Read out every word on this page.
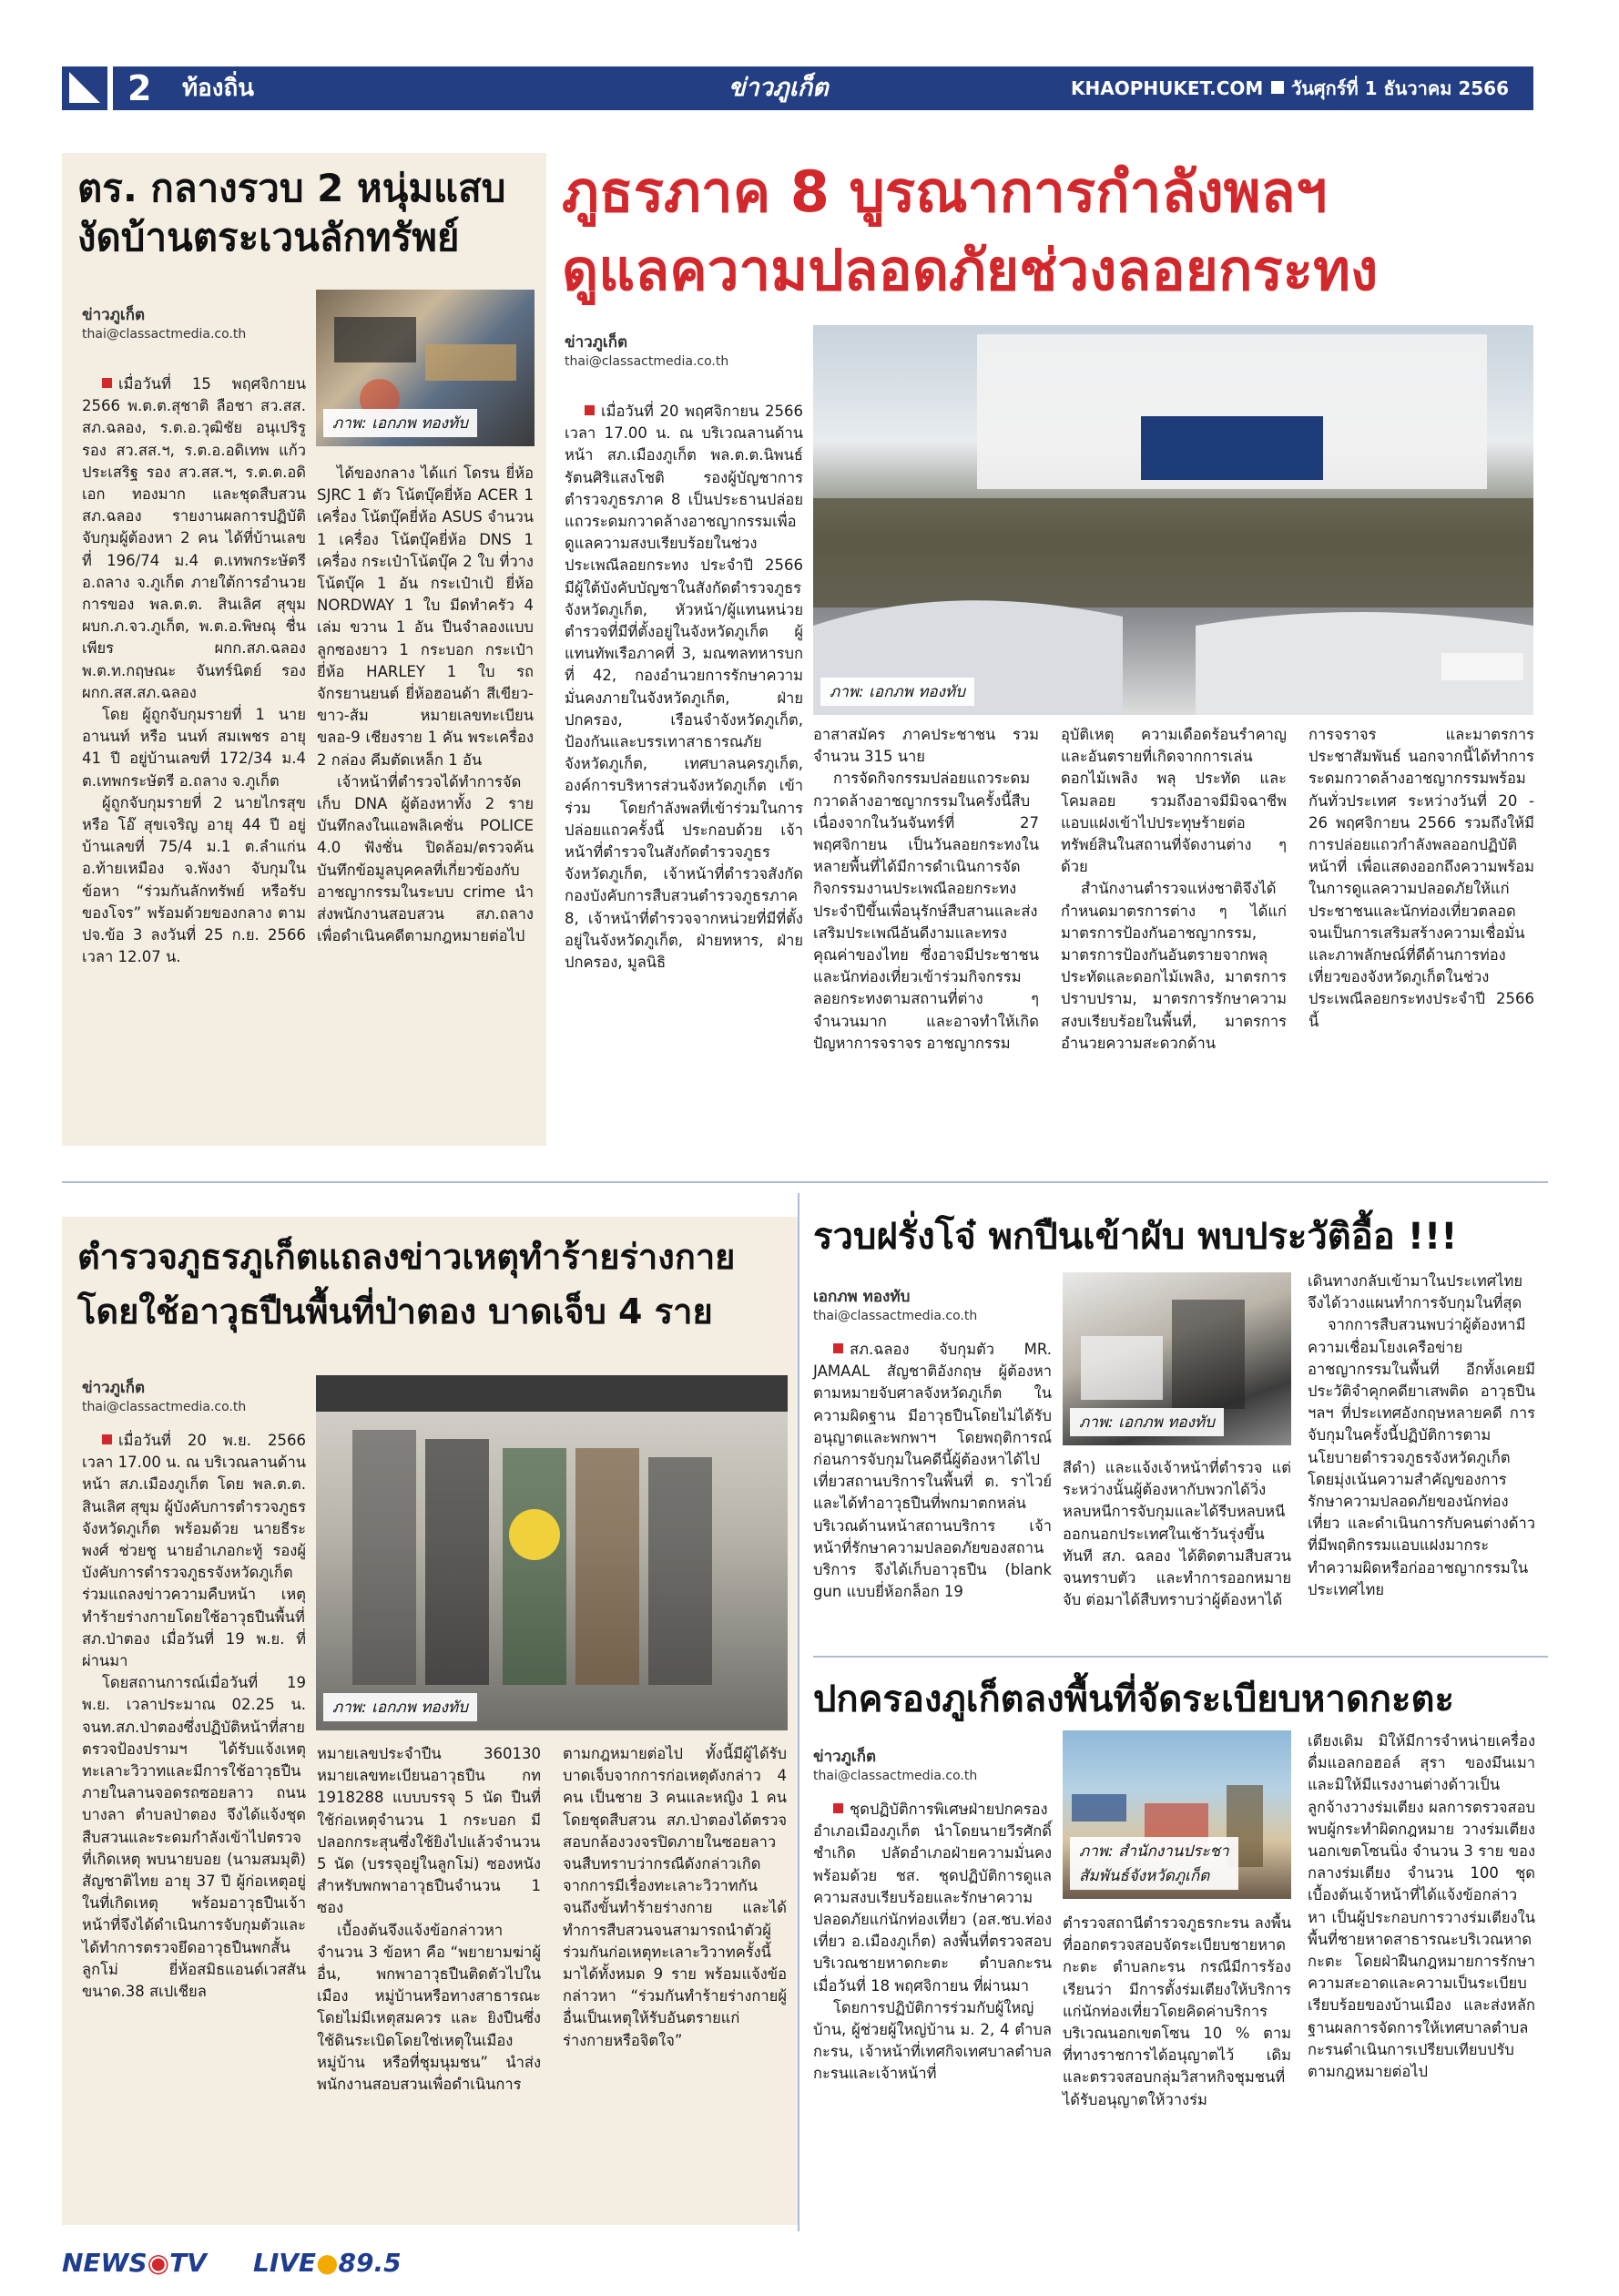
2 ท้องถิ่น	ข่าวภูเก็ต	KHAOPHUKET.COM วันศุกร์ที่ 1 ธันวาคม 2566
ตร. กลางรวบ 2 หนุ่มแสบ
งัดบ้านตระเวนลักทรัพย์
ข่าวภูเก็ต
thai@classactmedia.co.th
ภาพ: เอกภพ ทองทับ

เมื่อวันที่ 15 พฤศจิกายน 2566 พ.ต.ต.สุชาติ ลือชา สว.สส. สภ.ฉลอง, ร.ต.อ.วุฒิชัย อนุเปริรูรอง สว.สส.ฯ, ร.ต.อ.อดิเทพ แก้วประเสริฐ รอง สว.สส.ฯ, ร.ต.ต.อดิเอก ทองมาก และชุดสืบสวน สภ.ฉลอง รายงานผลการปฏิบัติ จับกุมผู้ต้องหา 2 คน ได้ที่บ้านเลขที่ 196/74 ม.4 ต.เทพกระษัตรี อ.ถลาง จ.ภูเก็ต ภายใต้การอำนวยการของ พล.ต.ต. สินเลิศ สุขุม ผบก.ภ.จว.ภูเก็ต, พ.ต.อ.พิษณุ ชื่นเพียร ผกก.สภ.ฉลอง พ.ต.ท.กฤษณะ จันทร์นิตย์ รอง ผกก.สส.สภ.ฉลอง

โดย ผู้ถูกจับกุมรายที่ 1 นายอานนท์ หรือ นนท์ สมเพชร อายุ 41 ปี อยู่บ้านเลขที่ 172/34 ม.4 ต.เทพกระษัตรี อ.ถลาง จ.ภูเก็ต

ผู้ถูกจับกุมรายที่ 2 นายไกรสุข หรือ โอ๊ สุขเจริญ อายุ 44 ปี อยู่บ้านเลขที่ 75/4 ม.1 ต.ลำแก่น อ.ท้ายเหมือง จ.พังงา จับกุมในข้อหา “ร่วมกันลักทรัพย์ หรือรับของโจร” พร้อมด้วยของกลาง ตาม ปจ.ข้อ 3 ลงวันที่ 25 ก.ย. 2566 เวลา 12.07 น.

ได้ของกลาง ได้แก่ โดรน ยี่ห้อ SJRC 1 ตัว โน้ตบุ๊คยี่ห้อ ACER 1 เครื่อง โน้ตบุ๊คยี่ห้อ ASUS จำนวน 1 เครื่อง โน้ตบุ๊คยี่ห้อ DNS 1 เครื่อง กระเป๋าโน้ตบุ๊ค 2 ใบ ที่วางโน้ตบุ๊ค 1 อัน กระเป๋าเป้ ยี่ห้อ NORDWAY 1 ใบ มีดทำครัว 4 เล่ม ขวาน 1 อัน ปืนจำลองแบบลูกซองยาว 1 กระบอก กระเป๋ายี่ห้อ HARLEY 1 ใบ รถจักรยานยนต์ ยี่ห้อฮอนด้า สีเขียว-ขาว-ส้ม หมายเลขทะเบียน ขลอ-9 เชียงราย 1 คัน พระเครื่อง 2 กล่อง คีมตัดเหล็ก 1 อัน

เจ้าหน้าที่ตำรวจได้ทำการจัดเก็บ DNA ผู้ต้องหาทั้ง 2 ราย บันทึกลงในแอพลิเคชั่น POLICE 4.0 ฟังชั่น ปิดล้อม/ตรวจค้น บันทึกข้อมูลบุคคลที่เกี่ยวข้องกับอาชญากรรมในระบบ crime นำส่งพนักงานสอบสวน สภ.ถลาง เพื่อดำเนินคดีตามกฎหมายต่อไป

ภูธรภาค 8 บูรณาการกำลังพลฯ
ดูแลความปลอดภัยช่วงลอยกระทง
ข่าวภูเก็ต
thai@classactmedia.co.th
ภาพ: เอกภพ ทองทับ

เมื่อวันที่ 20 พฤศจิกายน 2566 เวลา 17.00 น. ณ บริเวณลานด้านหน้า สภ.เมืองภูเก็ต พล.ต.ต.นิพนธ์ รัตนศิริแสงโชติ รองผู้บัญชาการตำรวจภูธรภาค 8 เป็นประธานปล่อยแถวระดมกวาดล้างอาชญากรรมเพื่อดูแลความสงบเรียบร้อยในช่วงประเพณีลอยกระทง ประจำปี 2566 มีผู้ใต้บังคับบัญชาในสังกัดตำรวจภูธรจังหวัดภูเก็ต, หัวหน้า/ผู้แทนหน่วยตำรวจที่มีที่ตั้งอยู่ในจังหวัดภูเก็ต ผู้แทนทัพเรือภาคที่ 3, มณฑลทหารบกที่ 42, กองอำนวยการรักษาความมั่นคงภายในจังหวัดภูเก็ต, ฝ่ายปกครอง, เรือนจำจังหวัดภูเก็ต, ป้องกันและบรรเทาสาธารณภัยจังหวัดภูเก็ต, เทศบาลนครภูเก็ต, องค์การบริหารส่วนจังหวัดภูเก็ต เข้าร่วม โดยกำลังพลที่เข้าร่วมในการปล่อยแถวครั้งนี้ ประกอบด้วย เจ้าหน้าที่ตำรวจในสังกัดตำรวจภูธรจังหวัดภูเก็ต, เจ้าหน้าที่ตำรวจสังกัดกองบังคับการสืบสวนตำรวจภูธรภาค 8, เจ้าหน้าที่ตำรวจจากหน่วยที่มีที่ตั้งอยู่ในจังหวัดภูเก็ต, ฝ่ายทหาร, ฝ่ายปกครอง, มูลนิธิ

อาสาสมัคร ภาคประชาชน รวมจำนวน 315 นาย

การจัดกิจกรรมปล่อยแถวระดมกวาดล้างอาชญากรรมในครั้งนี้สืบเนื่องจากในวันจันทร์ที่ 27 พฤศจิกายน เป็นวันลอยกระทงในหลายพื้นที่ได้มีการดำเนินการจัดกิจกรรมงานประเพณีลอยกระทงประจำปีขึ้นเพื่อนุรักษ์สืบสานและส่งเสริมประเพณีอันดีงามและทรงคุณค่าของไทย ซึ่งอาจมีประชาชนและนักท่องเที่ยวเข้าร่วมกิจกรรมลอยกระทงตามสถานที่ต่าง ๆ จำนวนมาก และอาจทำให้เกิดปัญหาการจราจร อาชญากรรม

อุบัติเหตุ ความเดือดร้อนรำคาญ และอันตรายที่เกิดจากการเล่นดอกไม้เพลิง พลุ ประทัด และโคมลอย รวมถึงอาจมีมิจฉาชีพแอบแฝงเข้าไปประทุษร้ายต่อทรัพย์สินในสถานที่จัดงานต่าง ๆ ด้วย

สำนักงานตำรวจแห่งชาติจึงได้กำหนดมาตรการต่าง ๆ ได้แก่ มาตรการป้องกันอาชญากรรม, มาตรการป้องกันอันตรายจากพลุ ประทัดและดอกไม้เพลิง, มาตรการปราบปราม, มาตรการรักษาความสงบเรียบร้อยในพื้นที่, มาตรการอำนวยความสะดวกด้าน

การจราจร และมาตรการประชาสัมพันธ์ นอกจากนี้ได้ทำการระดมกวาดล้างอาชญากรรมพร้อมกันทั่วประเทศ ระหว่างวันที่ 20 - 26 พฤศจิกายน 2566 รวมถึงให้มีการปล่อยแถวกำลังพลออกปฏิบัติหน้าที่ เพื่อแสดงออกถึงความพร้อมในการดูแลความปลอดภัยให้แก่ประชาชนและนักท่องเที่ยวตลอดจนเป็นการเสริมสร้างความเชื่อมั่นและภาพลักษณ์ที่ดีด้านการท่องเที่ยวของจังหวัดภูเก็ตในช่วงประเพณีลอยกระทงประจำปี 2566 นี้

ตำรวจภูธรภูเก็ตแถลงข่าวเหตุทำร้ายร่างกาย
โดยใช้อาวุธปืนพื้นที่ป่าตอง บาดเจ็บ 4 ราย
ข่าวภูเก็ต
thai@classactmedia.co.th
ภาพ: เอกภพ ทองทับ

เมื่อวันที่ 20 พ.ย. 2566 เวลา 17.00 น. ณ บริเวณลานด้านหน้า สภ.เมืองภูเก็ต โดย พล.ต.ต. สินเลิศ สุขุม ผู้บังคับการตำรวจภูธรจังหวัดภูเก็ต พร้อมด้วย นายธีระพงศ์ ช่วยชู นายอำเภอกะทู้ รองผู้บังคับการตำรวจภูธรจังหวัดภูเก็ต ร่วมแถลงข่าวความคืบหน้า เหตุทำร้ายร่างกายโดยใช้อาวุธปืนพื้นที่ สภ.ป่าตอง เมื่อวันที่ 19 พ.ย. ที่ผ่านมา

โดยสถานการณ์เมื่อวันที่ 19 พ.ย. เวลาประมาณ 02.25 น. จนท.สภ.ป่าตองซึ่งปฏิบัติหน้าที่สายตรวจป้องปรามฯ ได้รับแจ้งเหตุทะเลาะวิวาทและมีการใช้อาวุธปืนภายในลานจอดรถซอยลาว ถนนบางลา ตำบลป่าตอง จึงได้แจ้งชุดสืบสวนและระดมกำลังเข้าไปตรวจที่เกิดเหตุ พบนายบอย (นามสมมุติ) สัญชาติไทย อายุ 37 ปี ผู้ก่อเหตุอยู่ในที่เกิดเหตุ พร้อมอาวุธปืนเจ้าหน้าที่จึงได้ดำเนินการจับกุมตัวและได้ทำการตรวจยึดอาวุธปืนพกสั้นลูกโม่ ยี่ห้อสมิธแอนด์เวสสัน ขนาด.38 สเปเชียล

หมายเลขประจำปืน 360130 หมายเลขทะเบียนอาวุธปืน กท 1918288 แบบบรรจุ 5 นัด ปืนที่ใช้ก่อเหตุจำนวน 1 กระบอก มีปลอกกระสุนซึ่งใช้ยิงไปแล้วจำนวน 5 นัด (บรรจุอยู่ในลูกโม่) ซองหนังสำหรับพกพาอาวุธปืนจำนวน 1 ซอง

เบื้องต้นจึงแจ้งข้อกล่าวหาจำนวน 3 ข้อหา คือ “พยายามฆ่าผู้อื่น, พกพาอาวุธปืนติดตัวไปในเมือง หมู่บ้านหรือทางสาธารณะโดยไม่มีเหตุสมควร และ ยิงปืนซึ่งใช้ดินระเบิดโดยใช่เหตุในเมือง หมู่บ้าน หรือที่ชุมนุมชน” นำส่งพนักงานสอบสวนเพื่อดำเนินการ

ตามกฎหมายต่อไป ทั้งนี้มีผู้ได้รับบาดเจ็บจากการก่อเหตุดังกล่าว 4 คน เป็นชาย 3 คนและหญิง 1 คน โดยชุดสืบสวน สภ.ป่าตองได้ตรวจสอบกล้องวงจรปิดภายในซอยลาว จนสืบทราบว่ากรณีดังกล่าวเกิดจากการมีเรื่องทะเลาะวิวาทกันจนถึงขั้นทำร้ายร่างกาย และได้ทำการสืบสวนจนสามารถนำตัวผู้ร่วมกันก่อเหตุทะเลาะวิวาทครั้งนี้มาได้ทั้งหมด 9 ราย พร้อมแจ้งข้อกล่าวหา “ร่วมกันทำร้ายร่างกายผู้อื่นเป็นเหตุให้รับอันตรายแก่ ร่างกายหรือจิตใจ”

รวบฝรั่งโจ๋ พกปืนเข้าผับ พบประวัติอื้อ !!!
เอกภพ ทองทับ
thai@classactmedia.co.th
ภาพ: เอกภพ ทองทับ

สภ.ฉลอง จับกุมตัว MR. JAMAAL สัญชาติอังกฤษ ผู้ต้องหาตามหมายจับศาลจังหวัดภูเก็ต ในความผิดฐาน มีอาวุธปืนโดยไม่ได้รับอนุญาตและพกพาฯ โดยพฤติการณ์ก่อนการจับกุมในคดีนี้ผู้ต้องหาได้ไปเที่ยวสถานบริการในพื้นที่ ต. ราไวย์ และได้ทำอาวุธปืนที่พกมาตกหล่นบริเวณด้านหน้าสถานบริการ เจ้าหน้าที่รักษาความปลอดภัยของสถานบริการ จึงได้เก็บอาวุธปืน (blank gun แบบยี่ห้อกล็อก 19

สีดำ) และแจ้งเจ้าหน้าที่ตำรวจ แต่ระหว่างนั้นผู้ต้องหากับพวกได้วิ่งหลบหนีการจับกุมและได้รีบหลบหนีออกนอกประเทศในเช้าวันรุ่งขึ้นทันที สภ. ฉลอง ได้ติดตามสืบสวนจนทราบตัว และทำการออกหมายจับ ต่อมาได้สืบทราบว่าผู้ต้องหาได้

เดินทางกลับเข้ามาในประเทศไทย จึงได้วางแผนทำการจับกุมในที่สุด

จากการสืบสวนพบว่าผู้ต้องหามีความเชื่อมโยงเครือข่ายอาชญากรรมในพื้นที่ อีกทั้งเคยมีประวัติจำคุกคดียาเสพติด อาวุธปืน ฯลฯ ที่ประเทศอังกฤษหลายคดี การจับกุมในครั้งนี้ปฏิบัติการตามนโยบายตำรวจภูธรจังหวัดภูเก็ต โดยมุ่งเน้นความสำคัญของการรักษาความปลอดภัยของนักท่องเที่ยว และดำเนินการกับคนต่างด้าวที่มีพฤติกรรมแอบแฝงมากระทำความผิดหรือก่ออาชญากรรมในประเทศไทย

ปกครองภูเก็ตลงพื้นที่จัดระเบียบหาดกะตะ
ข่าวภูเก็ต
thai@classactmedia.co.th
ภาพ: สำนักงานประชา
สัมพันธ์จังหวัดภูเก็ต

ชุดปฏิบัติการพิเศษฝ่ายปกครองอำเภอเมืองภูเก็ต นำโดยนายวีรศักดิ์ ชำเกิด ปลัดอำเภอฝ่ายความมั่นคง พร้อมด้วย ชส. ชุดปฏิบัติการดูแลความสงบเรียบร้อยและรักษาความปลอดภัยแก่นักท่องเที่ยว (อส.ชบ.ท่องเที่ยว อ.เมืองภูเก็ต) ลงพื้นที่ตรวจสอบบริเวณชายหาดกะตะ ตำบลกะรน เมื่อวันที่ 18 พฤศจิกายน ที่ผ่านมา

โดยการปฏิบัติการร่วมกับผู้ใหญ่บ้าน, ผู้ช่วยผู้ใหญ่บ้าน ม. 2, 4 ตำบลกะรน, เจ้าหน้าที่เทศกิจเทศบาลตำบลกะรนและเจ้าหน้าที่

ตำรวจสถานีตำรวจภูธรกะรน ลงพื้นที่ออกตรวจสอบจัดระเบียบชายหาดกะตะ ตำบลกะรน กรณีมีการร้องเรียนว่า มีการตั้งร่มเตียงให้บริการแก่นักท่องเที่ยวโดยคิดค่าบริการบริเวณนอกเขตโซน 10 % ตามที่ทางราชการได้อนุญาตไว้ เดิม และตรวจสอบกลุ่มวิสาหกิจชุมชนที่ได้รับอนุญาตให้วางร่ม

เตียงเดิม มิให้มีการจำหน่ายเครื่องดื่มแอลกอฮอล์ สุรา ของมึนเมา และมิให้มีแรงงานต่างด้าวเป็นลูกจ้างวางร่มเตียง ผลการตรวจสอบพบผู้กระทำผิดกฎหมาย วางร่มเตียงนอกเขตโซนนิ่ง จำนวน 3 ราย ของกลางร่มเตียง จำนวน 100 ชุด เบื้องต้นเจ้าหน้าที่ได้แจ้งข้อกล่าวหา เป็นผู้ประกอบการวางร่มเตียงในพื้นที่ชายหาดสาธารณะบริเวณหาดกะตะ โดยฝ่าฝืนกฎหมายการรักษาความสะอาดและความเป็นระเบียบเรียบร้อยของบ้านเมือง และส่งหลักฐานผลการจัดการให้เทศบาลตำบลกะรนดำเนินการเปรียบเทียบปรับตามกฎหมายต่อไป

NEWS◉TV LIVE●89.5
